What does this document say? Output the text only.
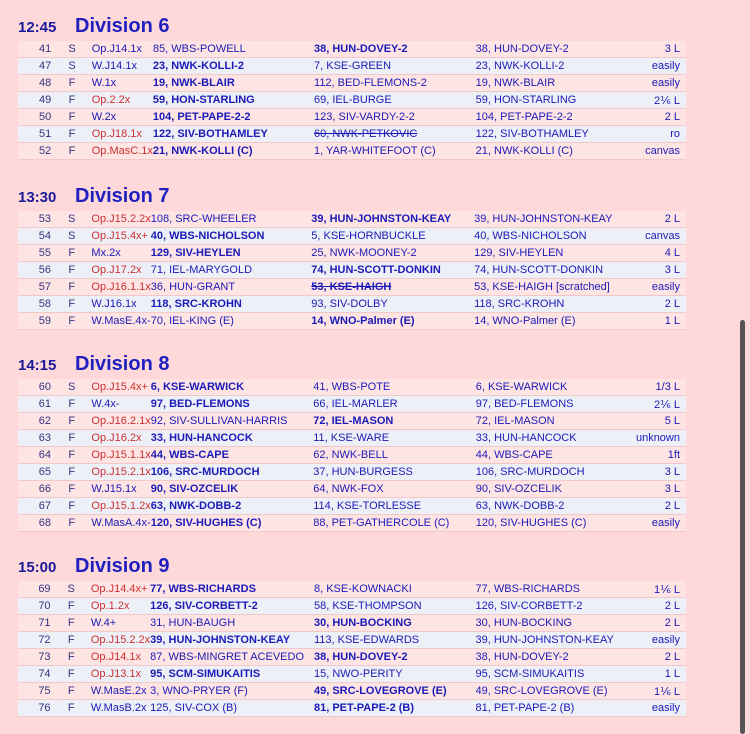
12:45 Division 6
41	S	Op.J14.1x	85, WBS-POWELL	38, HUN-DOVEY-2	38, HUN-DOVEY-2	3 L
47	S	W.J14.1x	23, NWK-KOLLI-2	7, KSE-GREEN	23, NWK-KOLLI-2	easily
48	F	W.1x	19, NWK-BLAIR	112, BED-FLEMONS-2	19, NWK-BLAIR	easily
49	F	Op.2.2x	59, HON-STARLING	69, IEL-BURGE	59, HON-STARLING	2⅙ L
50	F	W.2x	104, PET-PAPE-2-2	123, SIV-VARDY-2-2	104, PET-PAPE-2-2	2 L
51	F	Op.J18.1x	122, SIV-BOTHAMLEY	60, NWK-PETKOVIC	122, SIV-BOTHAMLEY	ro
52	F	Op.MasC.1x	21, NWK-KOLLI (C)	1, YAR-WHITEFOOT (C)	21, NWK-KOLLI (C)	canvas
13:30 Division 7
53	S	Op.J15.2.2x	108, SRC-WHEELER	39, HUN-JOHNSTON-KEAY	39, HUN-JOHNSTON-KEAY	2 L
54	S	Op.J15.4x+	40, WBS-NICHOLSON	5, KSE-HORNBUCKLE	40, WBS-NICHOLSON	canvas
55	F	Mx.2x	129, SIV-HEYLEN	25, NWK-MOONEY-2	129, SIV-HEYLEN	4 L
56	F	Op.J17.2x	71, IEL-MARYGOLD	74, HUN-SCOTT-DONKIN	74, HUN-SCOTT-DONKIN	3 L
57	F	Op.J16.1.1x	36, HUN-GRANT	53, KSE-HAIGH	53, KSE-HAIGH [scratched]	easily
58	F	W.J16.1x	118, SRC-KROHN	93, SIV-DOLBY	118, SRC-KROHN	2 L
59	F	W.MasE.4x-	70, IEL-KING (E)	14, WNO-Palmer (E)	14, WNO-Palmer (E)	1 L
14:15 Division 8
60	S	Op.J15.4x+	6, KSE-WARWICK	41, WBS-POTE	6, KSE-WARWICK	1/3 L
61	F	W.4x-	97, BED-FLEMONS	66, IEL-MARLER	97, BED-FLEMONS	2⅙ L
62	F	Op.J16.2.1x	92, SIV-SULLIVAN-HARRIS	72, IEL-MASON	72, IEL-MASON	5 L
63	F	Op.J16.2x	33, HUN-HANCOCK	11, KSE-WARE	33, HUN-HANCOCK	unknown
64	F	Op.J15.1.1x	44, WBS-CAPE	62, NWK-BELL	44, WBS-CAPE	1ft
65	F	Op.J15.2.1x	106, SRC-MURDOCH	37, HUN-BURGESS	106, SRC-MURDOCH	3 L
66	F	W.J15.1x	90, SIV-OZCELIK	64, NWK-FOX	90, SIV-OZCELIK	3 L
67	F	Op.J15.1.2x	63, NWK-DOBB-2	114, KSE-TORLESSE	63, NWK-DOBB-2	2 L
68	F	W.MasA.4x-	120, SIV-HUGHES (C)	88, PET-GATHERCOLE (C)	120, SIV-HUGHES (C)	easily
15:00 Division 9
69	S	Op.J14.4x+	77, WBS-RICHARDS	8, KSE-KOWNACKI	77, WBS-RICHARDS	1⅙ L
70	F	Op.1.2x	126, SIV-CORBETT-2	58, KSE-THOMPSON	126, SIV-CORBETT-2	2 L
71	F	W.4+	31, HUN-BAUGH	30, HUN-BOCKING	30, HUN-BOCKING	2 L
72	F	Op.J15.2.2x	39, HUN-JOHNSTON-KEAY	113, KSE-EDWARDS	39, HUN-JOHNSTON-KEAY	easily
73	F	Op.J14.1x	87, WBS-MINGRET ACEVEDO	38, HUN-DOVEY-2	38, HUN-DOVEY-2	2 L
74	F	Op.J13.1x	95, SCM-SIMUKAITIS	15, NWO-PERITY	95, SCM-SIMUKAITIS	1 L
75	F	W.MasE.2x	3, WNO-PRYER (F)	49, SRC-LOVEGROVE (E)	49, SRC-LOVEGROVE (E)	1⅙ L
76	F	W.MasB.2x	125, SIV-COX (B)	81, PET-PAPE-2 (B)	81, PET-PAPE-2 (B)	easily
